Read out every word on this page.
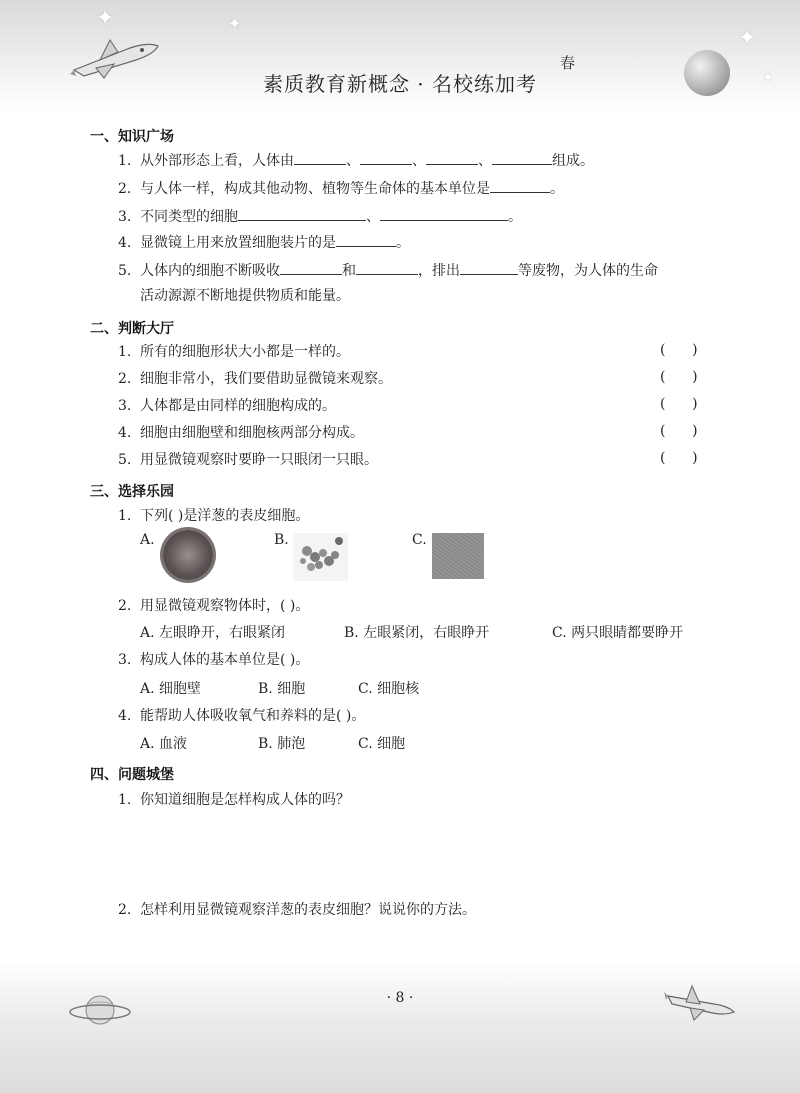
✦	✦
✦
✦
素质教育新概念 · 名校练加考
春
一、知识广场
1. 从外部形态上看，人体由	、	、	、	组成。
2. 与人体一样，构成其他动物、植物等生命体的基本单位是	。
3. 不同类型的细胞	、	。
4. 显微镜上用来放置细胞装片的是	。
5. 人体内的细胞不断吸收	和	，排出	等废物，为人体的生命
活动源源不断地提供物质和能量。
二、判断大厅
1. 所有的细胞形状大小都是一样的。	(      )
2. 细胞非常小，我们要借助显微镜来观察。	(      )
3. 人体都是由同样的细胞构成的。	(      )
4. 细胞由细胞壁和细胞核两部分构成。	(      )
5. 用显微镜观察时要睁一只眼闭一只眼。	(      )
三、选择乐园
1. 下列( )是洋葱的表皮细胞。
A.	B.	C.
2. 用显微镜观察物体时，( )。
A. 左眼睁开，右眼紧闭	B. 左眼紧闭，右眼睁开	C. 两只眼睛都要睁开
3. 构成人体的基本单位是( )。
A. 细胞壁	B. 细胞	C. 细胞核
4. 能帮助人体吸收氧气和养料的是( )。
A. 血液	B. 肺泡	C. 细胞
四、问题城堡
1. 你知道细胞是怎样构成人体的吗？
2. 怎样利用显微镜观察洋葱的表皮细胞？说说你的方法。
· 8 ·
